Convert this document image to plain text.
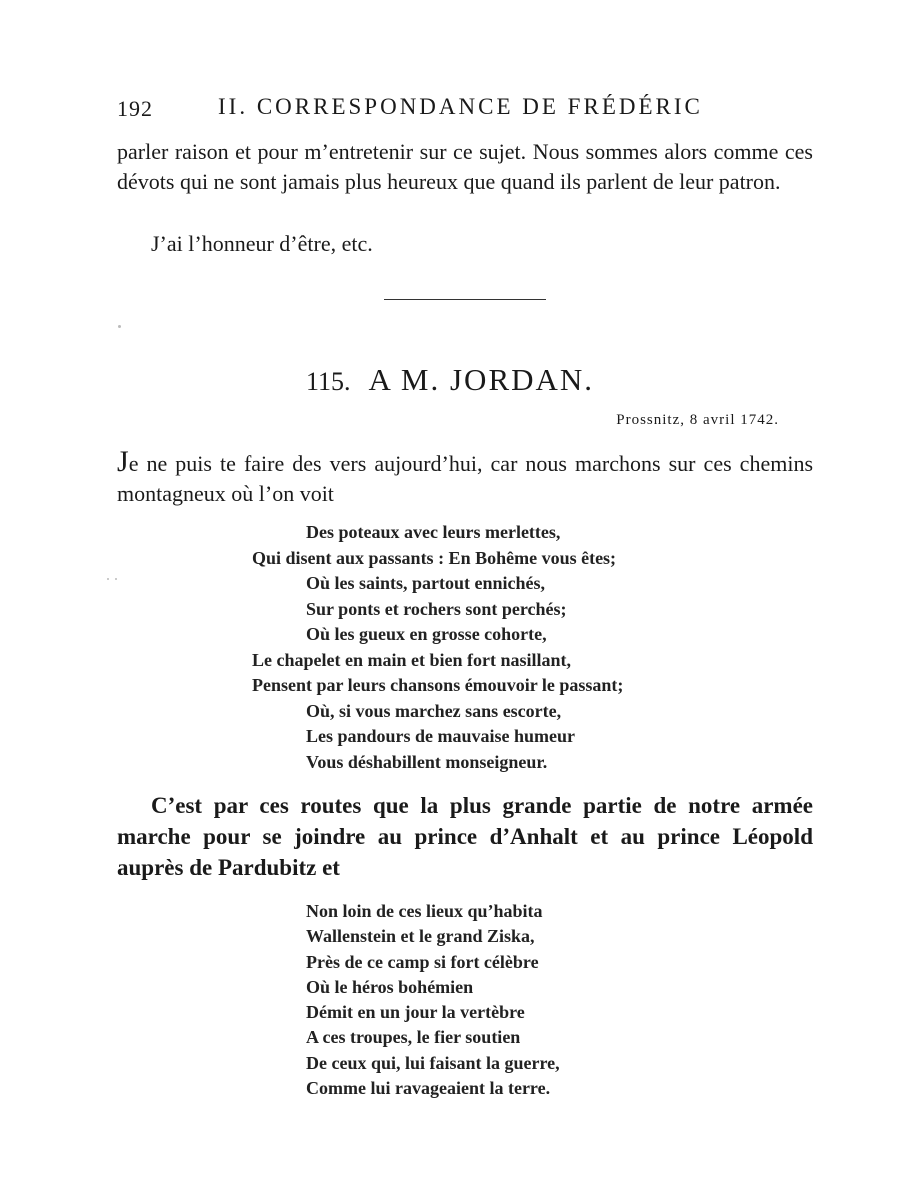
192	II. CORRESPONDANCE DE FRÉDÉRIC

parler raison et pour m’entretenir sur ce sujet. Nous sommes alors comme ces dévots qui ne sont jamais plus heureux que quand ils parlent de leur patron.

J’ai l’honneur d’être, etc.

115. A M. JORDAN.
Prossnitz, 8 avril 1742.

Je ne puis te faire des vers aujourd’hui, car nous marchons sur ces chemins montagneux où l’on voit

Des poteaux avec leurs merlettes,
Qui disent aux passants : En Bohême vous êtes;
Où les saints, partout ennichés,
Sur ponts et rochers sont perchés;
Où les gueux en grosse cohorte,
Le chapelet en main et bien fort nasillant,
Pensent par leurs chansons émouvoir le passant;
Où, si vous marchez sans escorte,
Les pandours de mauvaise humeur
Vous déshabillent monseigneur.

C’est par ces routes que la plus grande partie de notre armée marche pour se joindre au prince d’Anhalt et au prince Léopold auprès de Pardubitz et

Non loin de ces lieux qu’habita
Wallenstein et le grand Ziska,
Près de ce camp si fort célèbre
Où le héros bohémien
Démit en un jour la vertèbre
A ces troupes, le fier soutien
De ceux qui, lui faisant la guerre,
Comme lui ravageaient la terre.
